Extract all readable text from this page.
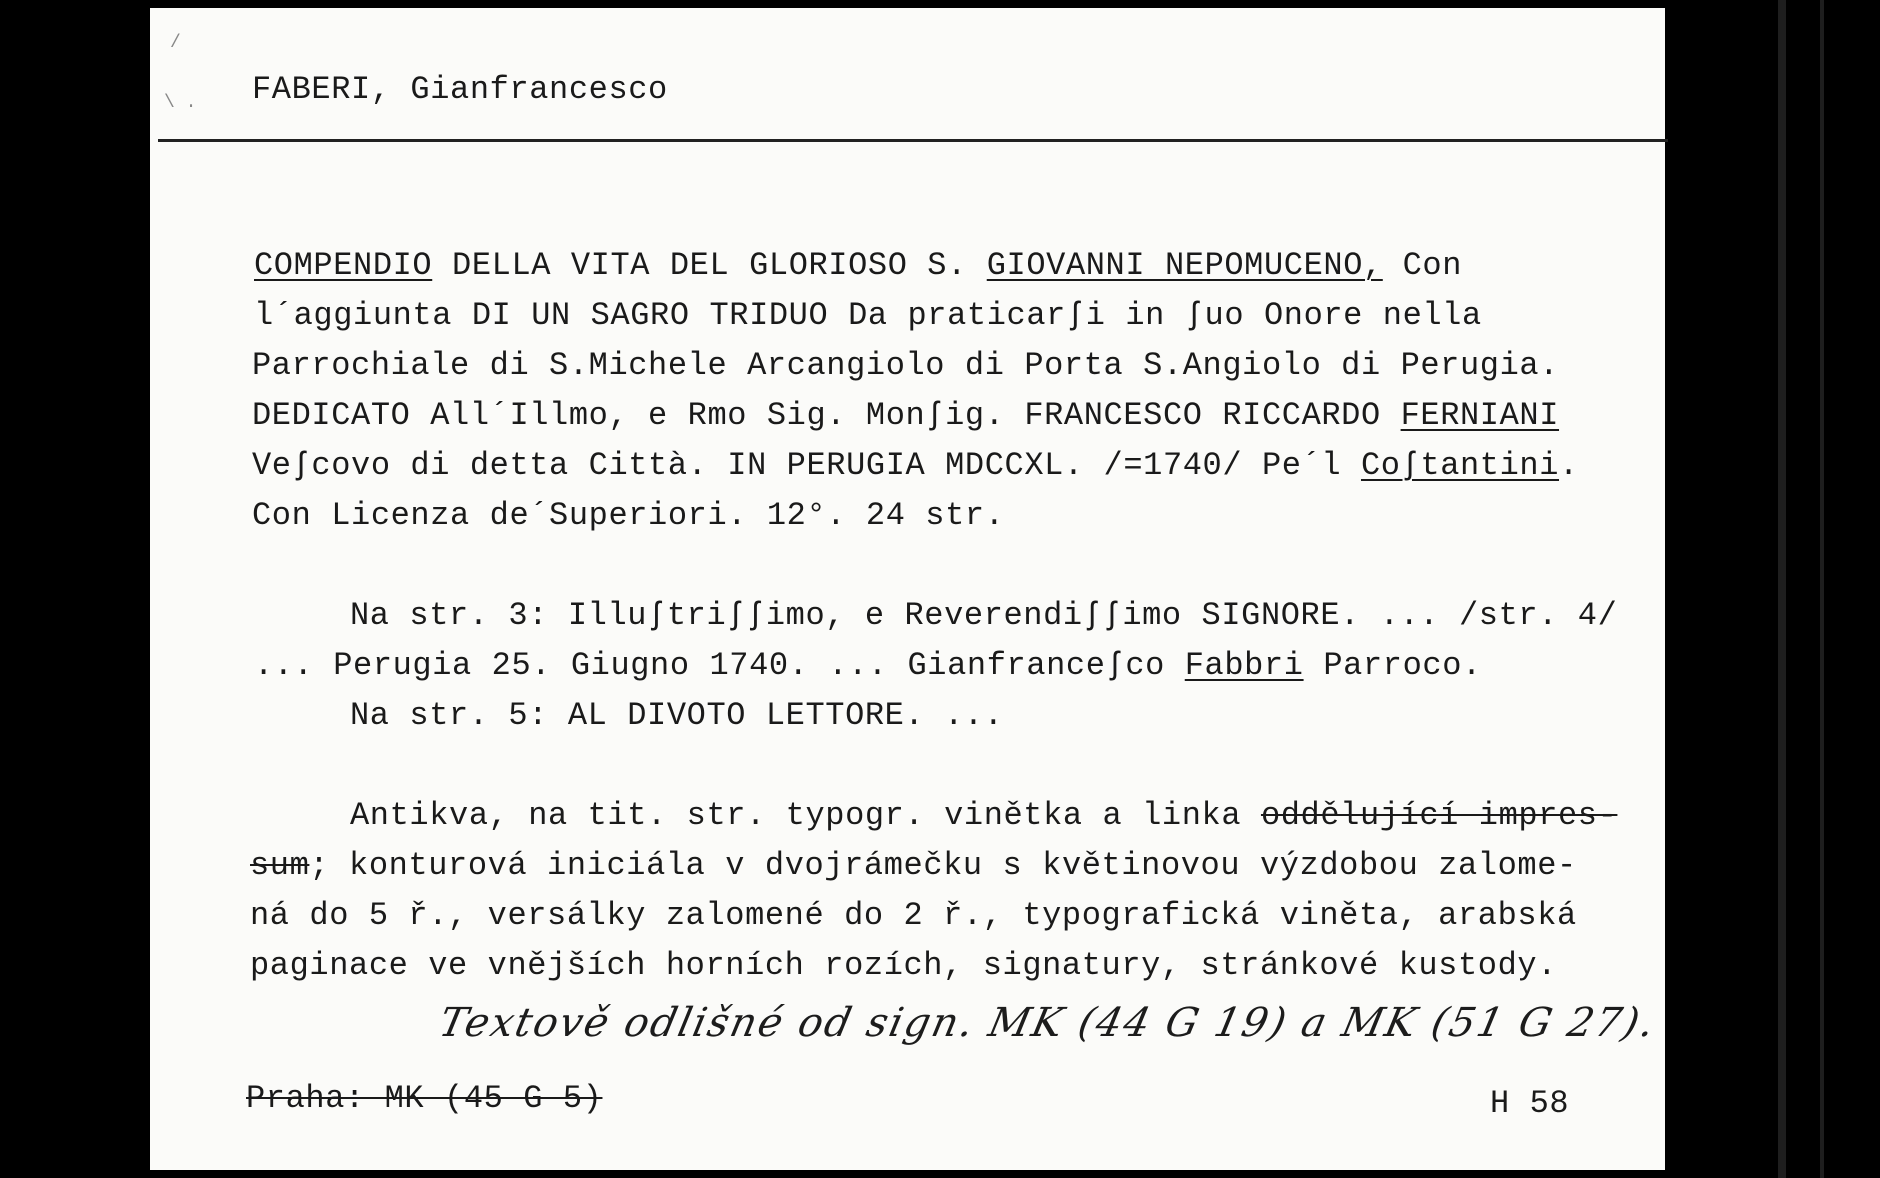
/
\ . FABERI, Gianfrancesco
COMPENDIO DELLA VITA DEL GLORIOSO S. GIOVANNI NEPOMUCENO, Con
l´aggiunta DI UN SAGRO TRIDUO Da praticarʃi in ʃuo Onore nella
Parrochiale di S.Michele Arcangiolo di Porta S.Angiolo di Perugia.
DEDICATO All´Illmo, e Rmo Sig. Monʃig. FRANCESCO RICCARDO FERNIANI
Veʃcovo di detta Città. IN PERUGIA MDCCXL. /=1740/ Pe´l Coʃtantini.
Con Licenza de´Superiori. 12°. 24 str.
Na str. 3: Illuʃtriʃʃimo, e Reverendiʃʃimo SIGNORE. ... /str. 4/
... Perugia 25. Giugno 1740. ... Gianfranceʃco Fabbri Parroco.
Na str. 5: AL DIVOTO LETTORE. ...
Antikva, na tit. str. typogr. vinětka a linka oddělující impres-
sum; konturová iniciála v dvojrámečku s květinovou výzdobou zalome-
ná do 5 ř., versálky zalomené do 2 ř., typografická viněta, arabská
paginace ve vnějších horních rozích, signatury, stránkové kustody.
Textově odlišné od sign. MK (44 G 19) a MK (51 G 27).
Praha: MK (45 G 5)	H 58
